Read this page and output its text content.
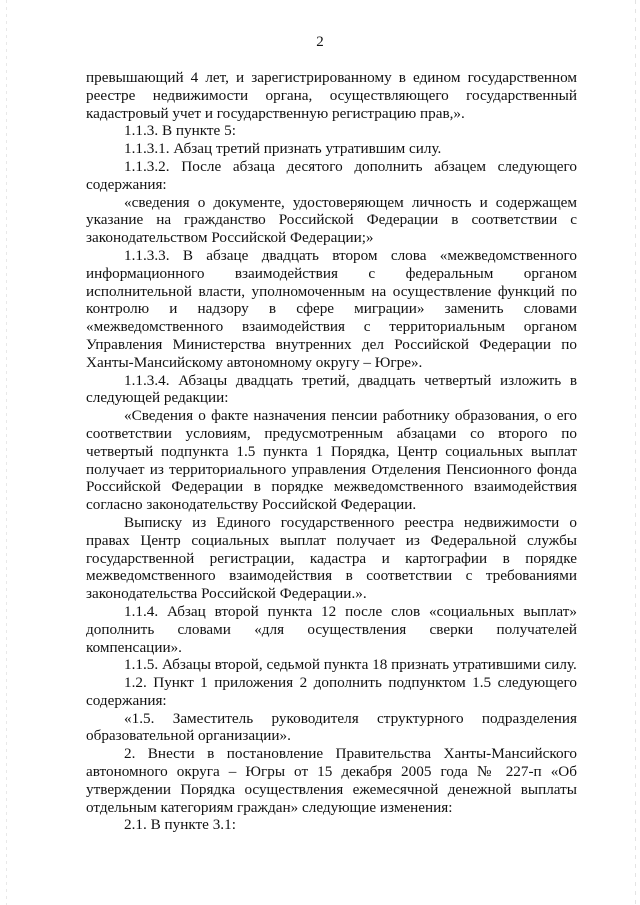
2

превышающий 4 лет, и зарегистрированному в едином государственном реестре недвижимости органа, осуществляющего государственный кадастровый учет и государственную регистрацию прав,».

1.1.3. В пункте 5:

1.1.3.1. Абзац третий признать утратившим силу.

1.1.3.2. После абзаца десятого дополнить абзацем следующего содержания:

«сведения о документе, удостоверяющем личность и содержащем указание на гражданство Российской Федерации в соответствии с законодательством Российской Федерации;»

1.1.3.3. В абзаце двадцать втором слова «межведомственного информационного взаимодействия с федеральным органом исполнительной власти, уполномоченным на осуществление функций по контролю и надзору в сфере миграции» заменить словами «межведомственного взаимодействия с территориальным органом Управления Министерства внутренних дел Российской Федерации по Ханты-Мансийскому автономному округу – Югре».

1.1.3.4. Абзацы двадцать третий, двадцать четвертый изложить в следующей редакции:

«Сведения о факте назначения пенсии работнику образования, о его соответствии условиям, предусмотренным абзацами со второго по четвертый подпункта 1.5 пункта 1 Порядка, Центр социальных выплат получает из территориального управления Отделения Пенсионного фонда Российской Федерации в порядке межведомственного взаимодействия согласно законодательству Российской Федерации.

Выписку из Единого государственного реестра недвижимости о правах Центр социальных выплат получает из Федеральной службы государственной регистрации, кадастра и картографии в порядке межведомственного взаимодействия в соответствии с требованиями законодательства Российской Федерации.».

1.1.4. Абзац второй пункта 12 после слов «социальных выплат» дополнить словами «для осуществления сверки получателей компенсации».

1.1.5. Абзацы второй, седьмой пункта 18 признать утратившими силу.

1.2. Пункт 1 приложения 2 дополнить подпунктом 1.5 следующего содержания:

«1.5. Заместитель руководителя структурного подразделения образовательной организации».

2. Внести в постановление Правительства Ханты-Мансийского автономного округа – Югры от 15 декабря 2005 года № 227-п «Об утверждении Порядка осуществления ежемесячной денежной выплаты отдельным категориям граждан» следующие изменения:

2.1. В пункте 3.1:
